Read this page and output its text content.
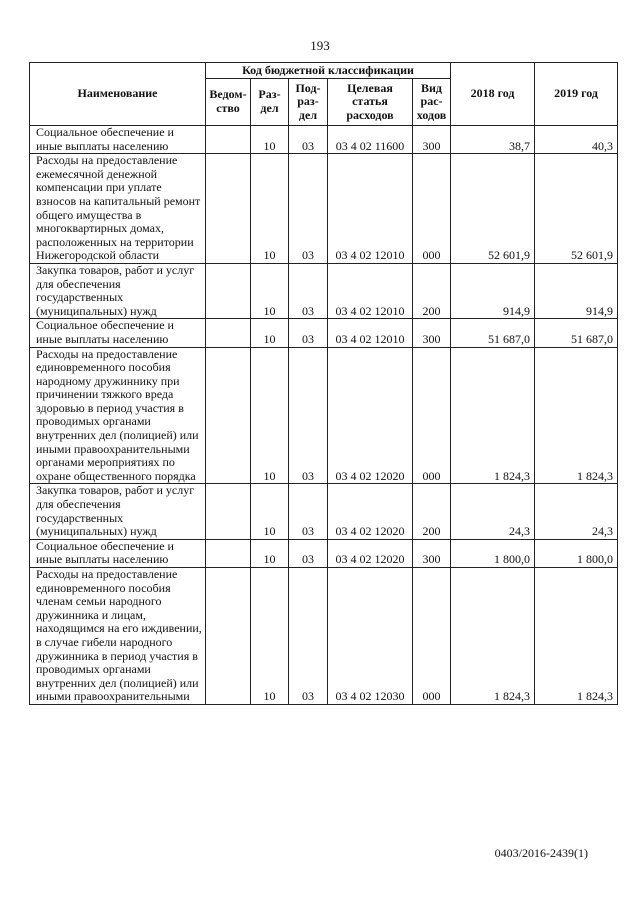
193
Наименование	Код бюджетной классификации					2018 год	2019 год
	Ведом-ство	Раз-дел	Под-раз-дел	Целевая статья расходов	Вид рас-ходов		
Социальное обеспечение и иные выплаты населению		10	03	03 4 02 11600	300	38,7	40,3
Расходы на предоставление ежемесячной денежной компенсации при уплате взносов на капитальный ремонт общего имущества в многоквартирных домах, расположенных на территории Нижегородской области		10	03	03 4 02 12010	000	52 601,9	52 601,9
Закупка товаров, работ и услуг для обеспечения государственных (муниципальных) нужд		10	03	03 4 02 12010	200	914,9	914,9
Социальное обеспечение и иные выплаты населению		10	03	03 4 02 12010	300	51 687,0	51 687,0
Расходы на предоставление единовременного пособия народному дружиннику при причинении тяжкого вреда здоровью в период участия в проводимых органами внутренних дел (полицией) или иными правоохранительными органами мероприятиях по охране общественного порядка		10	03	03 4 02 12020	000	1 824,3	1 824,3
Закупка товаров, работ и услуг для обеспечения государственных (муниципальных) нужд		10	03	03 4 02 12020	200	24,3	24,3
Социальное обеспечение и иные выплаты населению		10	03	03 4 02 12020	300	1 800,0	1 800,0
Расходы на предоставление единовременного пособия членам семьи народного дружинника и лицам, находящимся на его иждивении, в случае гибели народного дружинника в период участия в проводимых органами внутренних дел (полицией) или иными правоохранительными		10	03	03 4 02 12030	000	1 824,3	1 824,3
0403/2016-2439(1)
